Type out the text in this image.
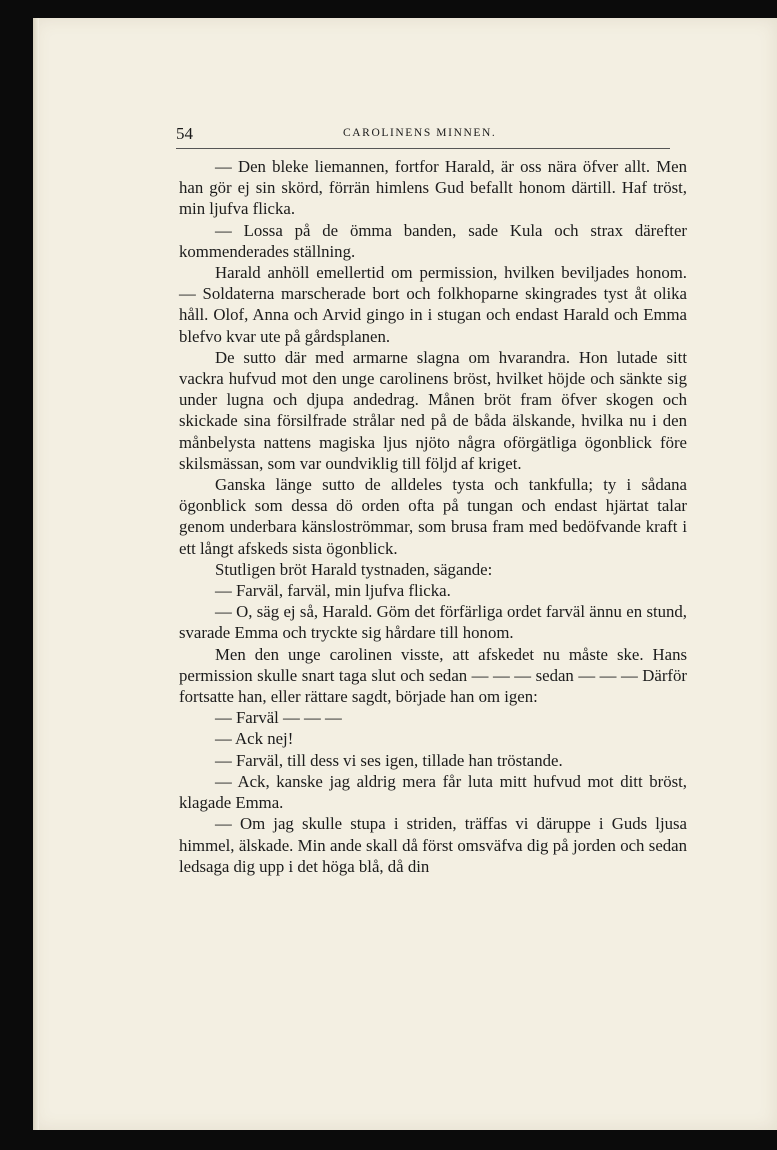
54	CAROLINENS MINNEN.

— Den bleke liemannen, fortfor Harald, är oss nära öfver allt. Men han gör ej sin skörd, förrän himlens Gud befallt honom därtill. Haf tröst, min ljufva flicka.

— Lossa på de ömma banden, sade Kula och strax därefter kommenderades ställning.

Harald anhöll emellertid om permission, hvilken beviljades honom. — Soldaterna marscherade bort och folkhoparne skingrades tyst åt olika håll. Olof, Anna och Arvid gingo in i stugan och endast Harald och Emma blefvo kvar ute på gårdsplanen.

De sutto där med armarne slagna om hvarandra. Hon lutade sitt vackra hufvud mot den unge carolinens bröst, hvilket höjde och sänkte sig under lugna och djupa andedrag. Månen bröt fram öfver skogen och skickade sina försilfrade strålar ned på de båda älskande, hvilka nu i den månbelysta nattens magiska ljus njöto några oförgätliga ögonblick före skilsmässan, som var oundviklig till följd af kriget.

Ganska länge sutto de alldeles tysta och tankfulla; ty i sådana ögonblick som dessa dö orden ofta på tungan och endast hjärtat talar genom underbara känsloströmmar, som brusa fram med bedöfvande kraft i ett långt afskeds sista ögonblick.

Stutligen bröt Harald tystnaden, sägande:

— Farväl, farväl, min ljufva flicka.

— O, säg ej så, Harald. Göm det förfärliga ordet farväl ännu en stund, svarade Emma och tryckte sig hårdare till honom.

Men den unge carolinen visste, att afskedet nu måste ske. Hans permission skulle snart taga slut och sedan — — — sedan — — — Därför fortsatte han, eller rättare sagdt, började han om igen:

— Farväl — — —

— Ack nej!

— Farväl, till dess vi ses igen, tillade han tröstande.

— Ack, kanske jag aldrig mera får luta mitt hufvud mot ditt bröst, klagade Emma.

— Om jag skulle stupa i striden, träffas vi däruppe i Guds ljusa himmel, älskade. Min ande skall då först omsväfva dig på jorden och sedan ledsaga dig upp i det höga blå, då din
